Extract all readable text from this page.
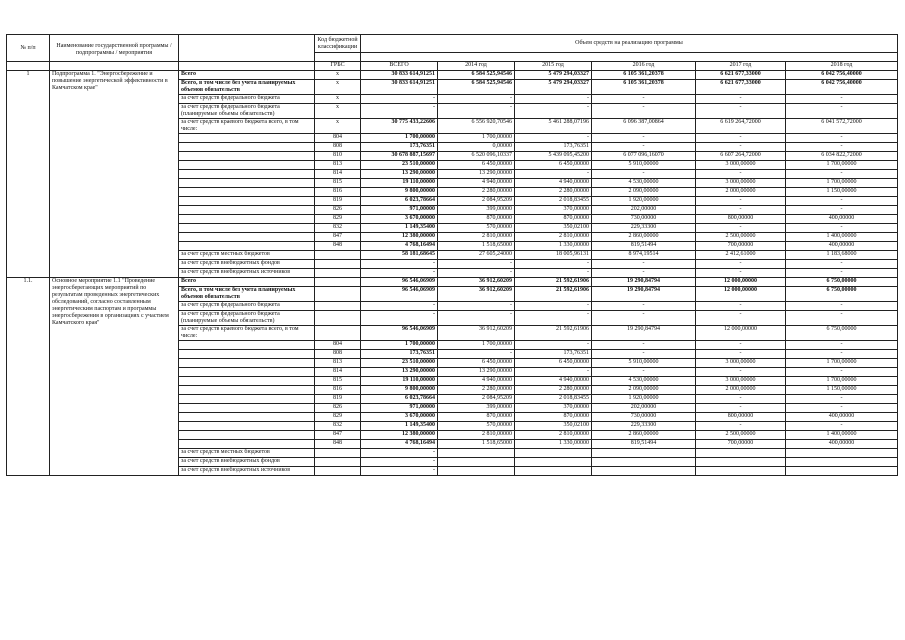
№ п/п	Наименование государственной программы / подпрограммы / мероприятия		Код бюджетной классификации	Объем средств на реализацию программы					

			ГРБС	ВСЕГО	2014 год	2015 год	2016 год	2017 год	2018 год
1	Подпрограмма 1. "Энергосбережение и повышение энергетической эффективности в Камчатском крае"	Всего	x	30 833 614,91251	6 584 525,94546	5 479 294,03327	6 105 361,20378	6 621 677,33000	6 042 756,40000
		Всего, в том числе без учета планируемых объемов обязательств	x	30 833 614,91251	6 584 525,94546	5 479 294,03327	6 105 361,20378	6 621 677,33000	6 042 756,40000
		за счет средств федерального бюджета	x	-	-	-	-	-	-
		за счет средств федерального бюджета (планируемые объемы обязательств)	x	-	-	-	-	-	-
		за счет средств краевого бюджета всего, в том числе:	x	30 775 433,22606	6 556 920,70546	5 461 288,07196	6 096 387,00864	6 619 264,72000	6 041 572,72000
			804	1 700,00000	1 700,00000	-	-	-	-
			808	173,76351	0,00000	173,76351	-	-	-
			810	30 678 887,15697	6 520 096,10337	5 439 095,45200	6 077 096,16070	6 607 264,72000	6 034 822,72000
			813	23 510,00000	6 450,00000	6 450,00000	5 910,00000	3 000,00000	1 700,00000
			814	13 290,00000	13 290,00000	-	-	-	-
			815	19 110,00000	4 940,00000	4 940,00000	4 530,00000	3 000,00000	1 700,00000
			816	9 800,00000	2 280,00000	2 280,00000	2 090,00000	2 000,00000	1 150,00000
			819	6 023,78664	2 084,95209	2 018,83455	1 920,00000	-	-
			826	971,00000	399,00000	370,00000	202,00000	-	-
			829	3 670,00000	870,00000	870,00000	730,00000	800,00000	400,00000
			832	1 149,35400	570,00000	350,02100	229,33300	-	-
			847	12 380,00000	2 810,00000	2 810,00000	2 860,00000	2 500,00000	1 400,00000
			848	4 768,16494	1 518,65000	1 330,00000	819,51494	700,00000	400,00000
		за счет средств местных бюджетов		58 181,68645	27 605,24000	18 005,96131	8 974,19514	2 412,61000	1 183,68000
		за счет средств внебюджетных фондов		-	-	-	-	-	-
		за счет средств внебюджетных источников		-	-	-	-	-	-
1.1.	Основное мероприятие 1.1 "Проведение энергосберегающих мероприятий по результатам проведенных энергетических обследований, согласно составленным энергетическим паспортам и программы энергосбережения в организациях с участием Камчатского края"	Всего		96 546,06909	36 912,60209	21 592,61906	19 290,84794	12 000,00000	6 750,00000
		Всего, в том числе без учета планируемых объемов обязательств		96 546,06909	36 912,60209	21 592,61906	19 290,84794	12 000,00000	6 750,00000
		за счет средств федерального бюджета		-	-	-	-	-	-
		за счет средств федерального бюджета (планируемые объемы обязательств)		-	-	-	-	-	-
		за счет средств краевого бюджета всего, в том числе:		96 546,06909	36 912,60209	21 592,61906	19 290,84794	12 000,00000	6 750,00000
			804	1 700,00000	1 700,00000	-	-	-	-
			808	173,76351	-	173,76351	-	-	-
			813	23 510,00000	6 450,00000	6 450,00000	5 910,00000	3 000,00000	1 700,00000
			814	13 290,00000	13 290,00000	-	-	-	-
			815	19 110,00000	4 940,00000	4 940,00000	4 530,00000	3 000,00000	1 700,00000
			816	9 800,00000	2 280,00000	2 280,00000	2 090,00000	2 000,00000	1 150,00000
			819	6 023,78664	2 084,95209	2 018,83455	1 920,00000	-	-
			826	971,00000	399,00000	370,00000	202,00000	-	-
			829	3 670,00000	870,00000	870,00000	730,00000	800,00000	400,00000
			832	1 149,35400	570,00000	350,02100	229,33300	-	-
			847	12 380,00000	2 810,00000	2 810,00000	2 860,00000	2 500,00000	1 400,00000
			848	4 768,16494	1 518,65000	1 330,00000	819,51494	700,00000	400,00000
		за счет средств местных бюджетов		-					
		за счет средств внебюджетных фондов		-					
		за счет средств внебюджетных источников		-					
